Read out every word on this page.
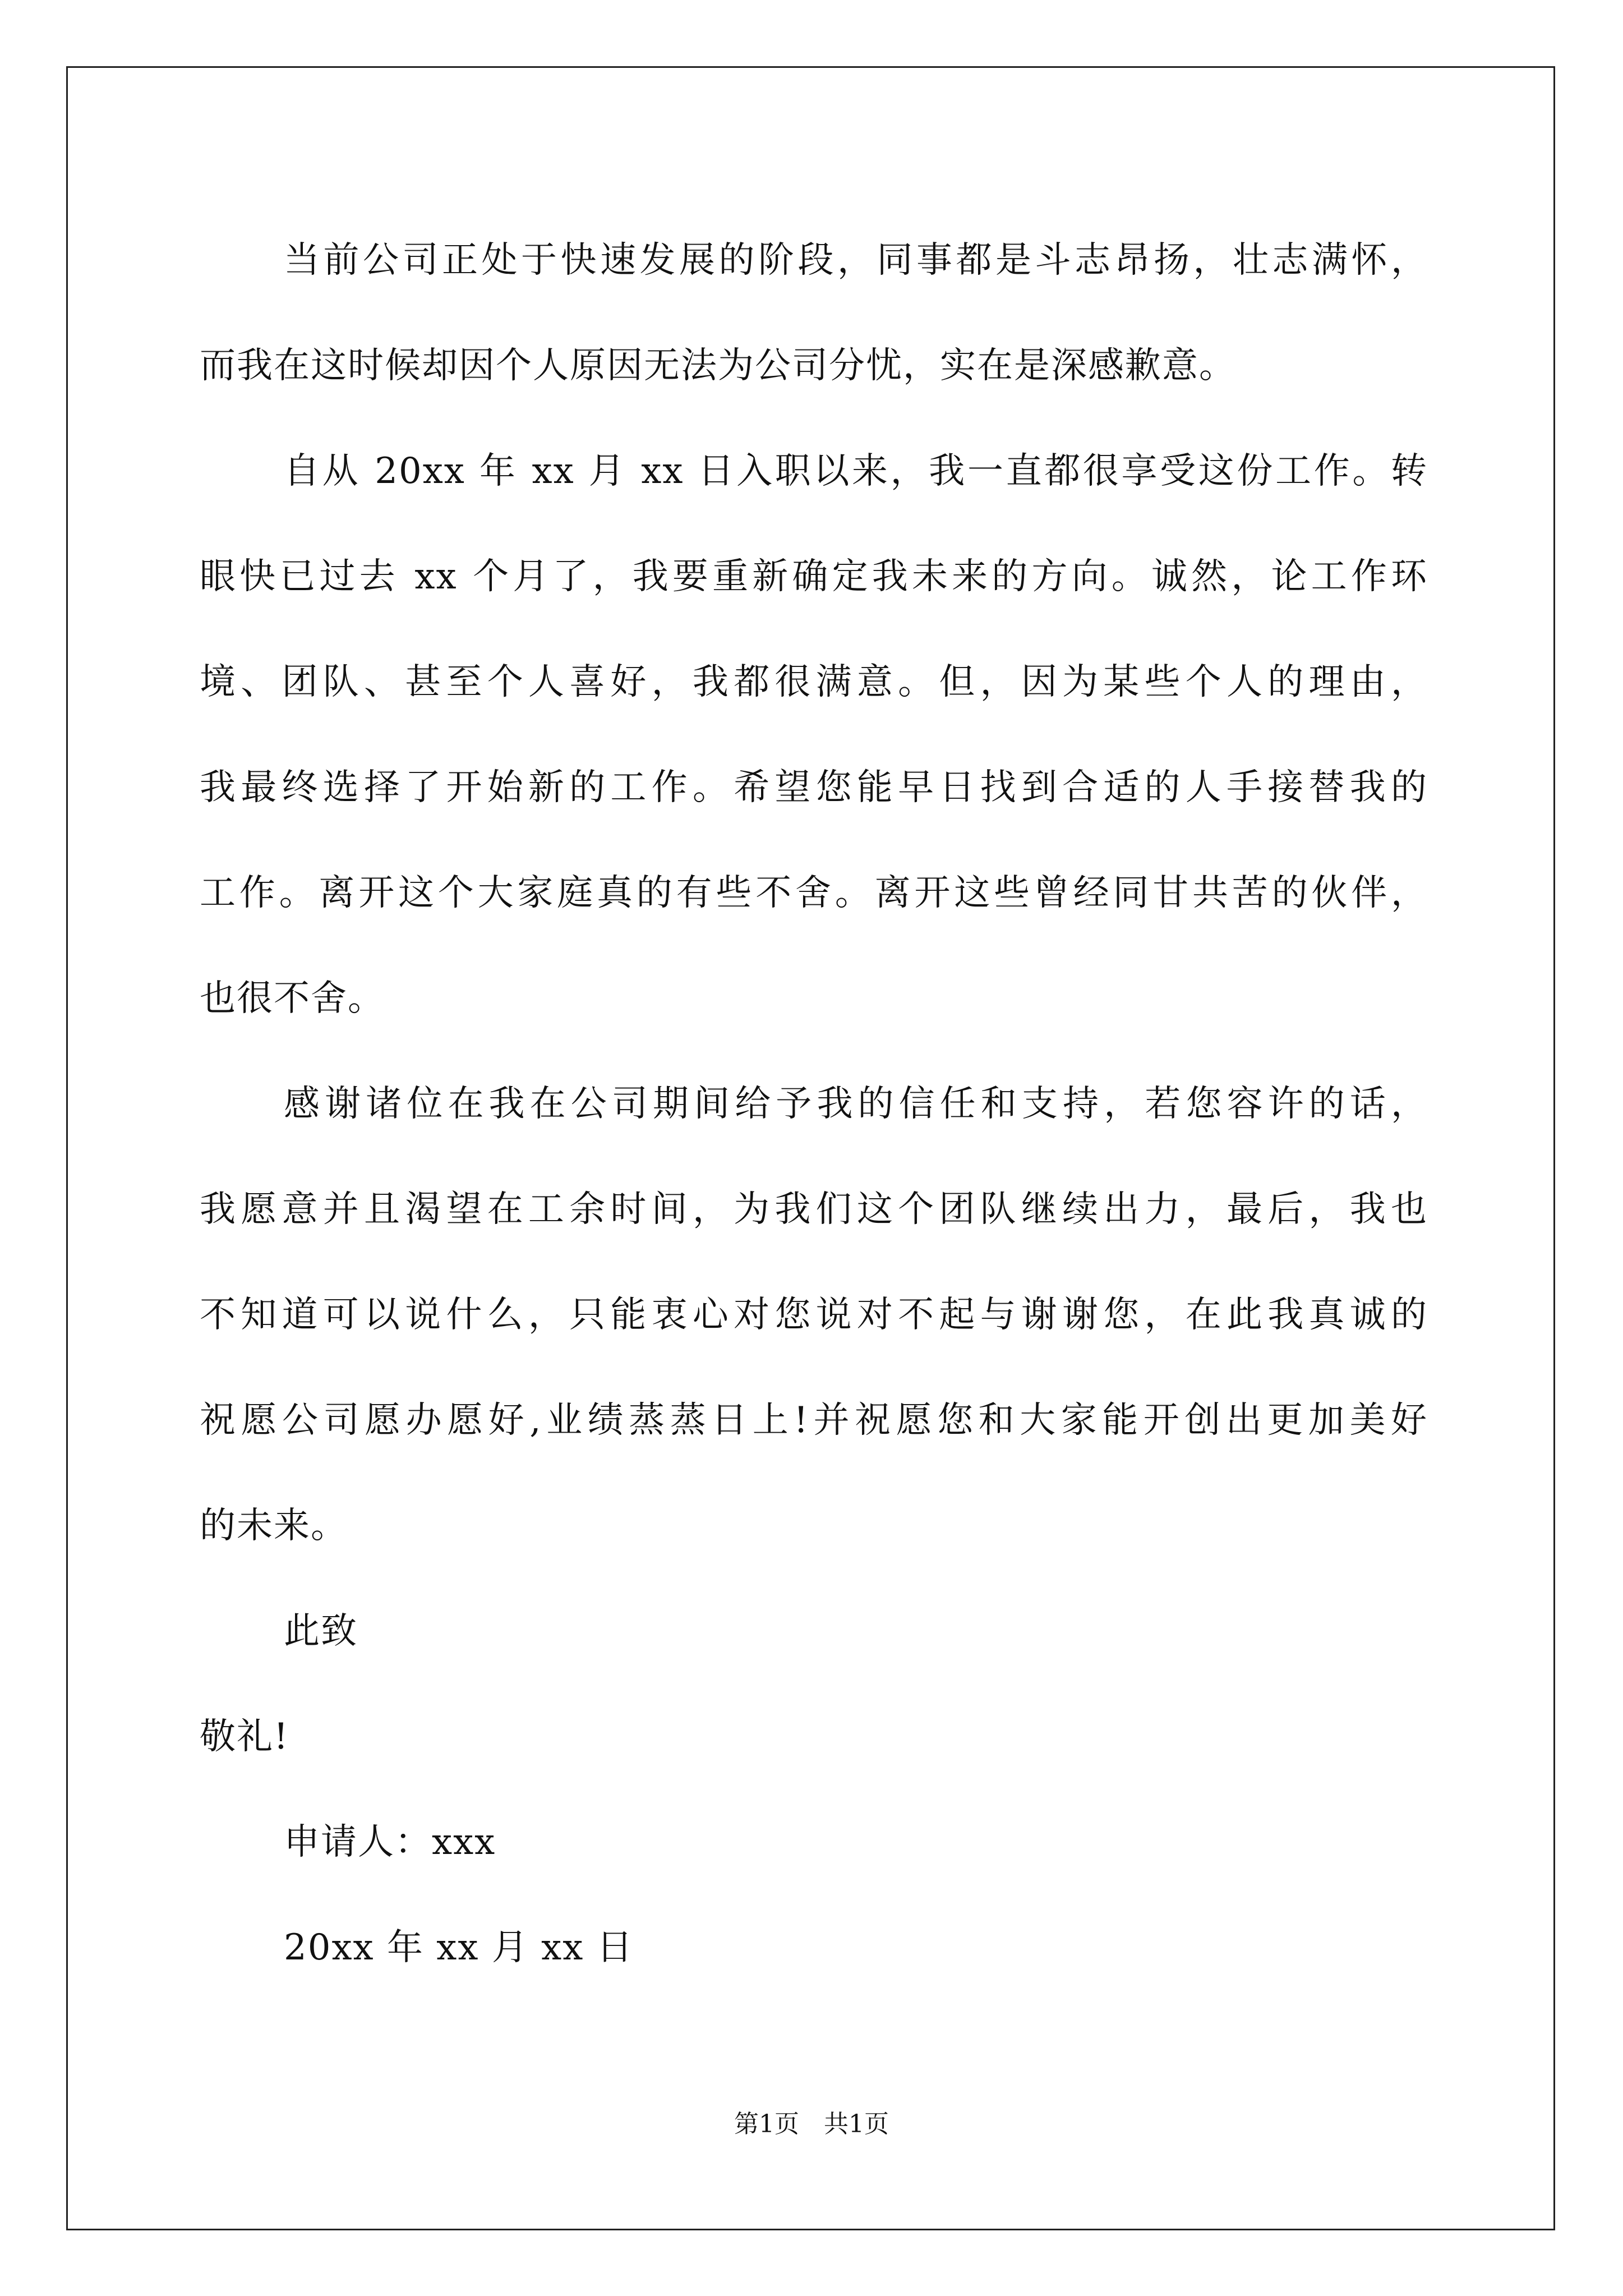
当前公司正处于快速发展的阶段，同事都是斗志昂扬，壮志满怀，
而我在这时候却因个人原因无法为公司分忧，实在是深感歉意。
自从 20xx 年 xx 月 xx 日入职以来，我一直都很享受这份工作。转
眼快已过去 xx 个月了，我要重新确定我未来的方向。诚然，论工作环
境、团队、甚至个人喜好，我都很满意。但，因为某些个人的理由，
我最终选择了开始新的工作。希望您能早日找到合适的人手接替我的
工作。离开这个大家庭真的有些不舍。离开这些曾经同甘共苦的伙伴，
也很不舍。
感谢诸位在我在公司期间给予我的信任和支持，若您容许的话，
我愿意并且渴望在工余时间，为我们这个团队继续出力，最后，我也
不知道可以说什么，只能衷心对您说对不起与谢谢您，在此我真诚的
祝愿公司愿办愿好,业绩蒸蒸日上!并祝愿您和大家能开创出更加美好
的未来。
此致
敬礼!
申请人：xxx
20xx 年 xx 月 xx 日
第1页　共1页
